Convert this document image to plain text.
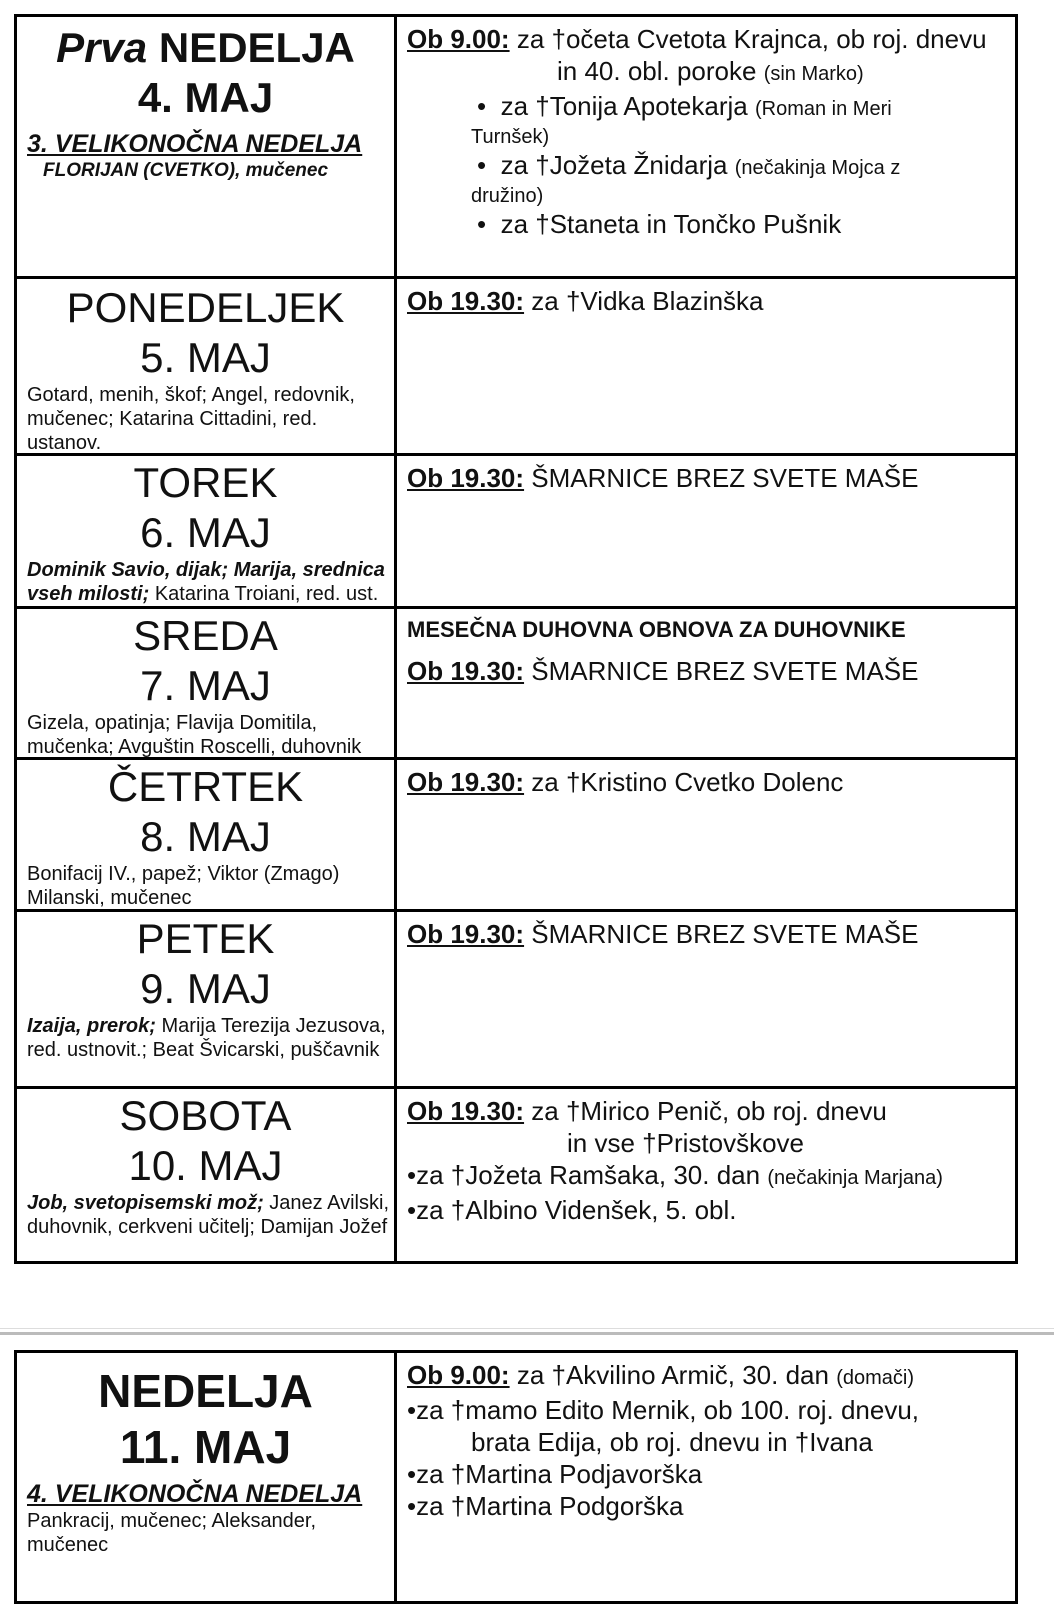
Prva NEDELJA
4. MAJ
3. VELIKONOČNA NEDELJA
FLORIJAN (CVETKO), mučenec
Ob 9.00: za †očeta Cvetota Krajnca, ob roj. dnevu
in 40. obl. poroke (sin Marko)
• za †Tonija Apotekarja (Roman in Meri
Turnšek)
• za †Jožeta Žnidarja (nečakinja Mojca z
družino)
• za †Staneta in Tončko Pušnik
PONEDELJEK
5. MAJ
Gotard, menih, škof; Angel, redovnik, mučenec; Katarina Cittadini, red. ustanov.
Ob 19.30: za †Vidka Blazinška
TOREK
6. MAJ
Dominik Savio, dijak; Marija, srednica vseh milosti; Katarina Troiani, red. ust.
Ob 19.30: ŠMARNICE BREZ SVETE MAŠE
SREDA
7. MAJ
Gizela, opatinja; Flavija Domitila, mučenka; Avguštin Roscelli, duhovnik
MESEČNA DUHOVNA OBNOVA ZA DUHOVNIKE
Ob 19.30: ŠMARNICE BREZ SVETE MAŠE
ČETRTEK
8. MAJ
Bonifacij IV., papež; Viktor (Zmago) Milanski, mučenec
Ob 19.30: za †Kristino Cvetko Dolenc
PETEK
9. MAJ
Izaija, prerok; Marija Terezija Jezusova, red. ustnovit.; Beat Švicarski, puščavnik
Ob 19.30: ŠMARNICE BREZ SVETE MAŠE
SOBOTA
10. MAJ
Job, svetopisemski mož; Janez Avilski, duhovnik, cerkveni učitelj; Damijan Jožef
Ob 19.30: za †Mirico Penič, ob roj. dnevu
in vse †Pristovškove
•za †Jožeta Ramšaka, 30. dan (nečakinja Marjana)
•za †Albino Videnšek, 5. obl.
NEDELJA
11. MAJ
4. VELIKONOČNA NEDELJA
Pankracij, mučenec; Aleksander, mučenec
Ob 9.00: za †Akvilino Armič, 30. dan (domači)
•za †mamo Edito Mernik, ob 100. roj. dnevu,
brata Edija, ob roj. dnevu in †Ivana
•za †Martina Podjavorška
•za †Martina Podgorška
